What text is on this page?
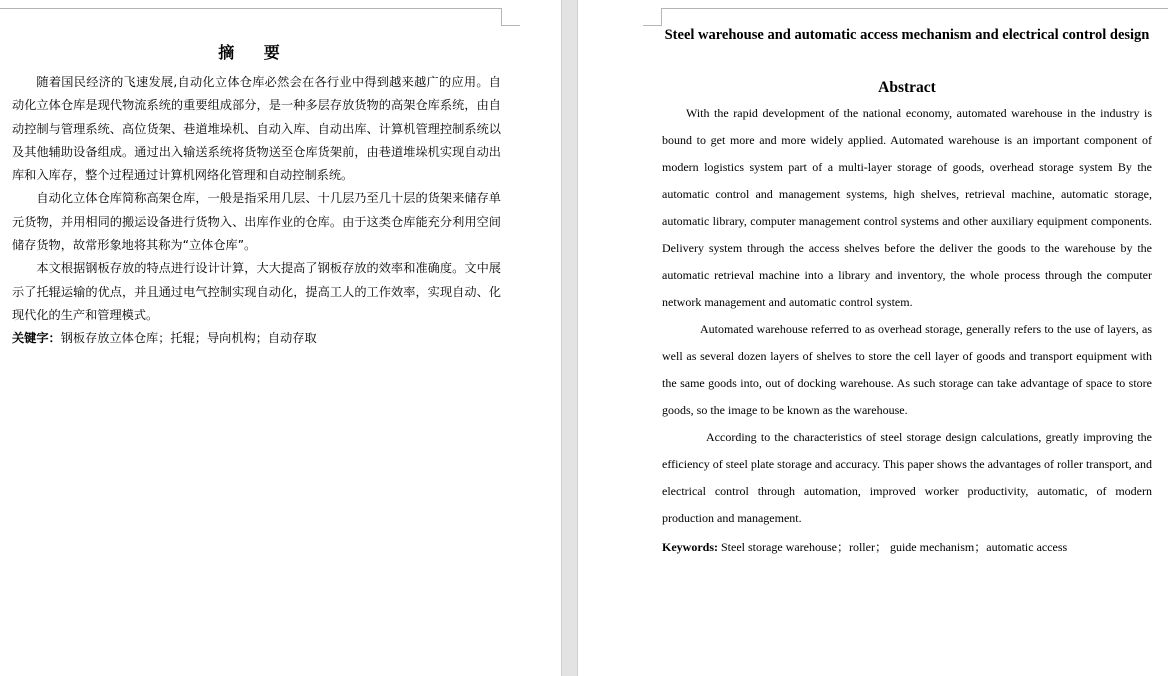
摘 要

随着国民经济的飞速发展,自动化立体仓库必然会在各行业中得到越来越广的应用。自动化立体仓库是现代物流系统的重要组成部分，是一种多层存放货物的高架仓库系统，由自动控制与管理系统、高位货架、巷道堆垛机、自动入库、自动出库、计算机管理控制系统以及其他辅助设备组成。通过出入输送系统将货物送至仓库货架前，由巷道堆垛机实现自动出库和入库存，整个过程通过计算机网络化管理和自动控制系统。

自动化立体仓库简称高架仓库，一般是指采用几层、十几层乃至几十层的货架来储存单元货物，并用相同的搬运设备进行货物入、出库作业的仓库。由于这类仓库能充分利用空间储存货物，故常形象地将其称为“立体仓库”。

本文根据钢板存放的特点进行设计计算，大大提高了钢板存放的效率和准确度。文中展示了托辊运输的优点，并且通过电气控制实现自动化，提高工人的工作效率，实现自动、化现代化的生产和管理模式。

关键字：钢板存放立体仓库；托辊；导向机构；自动存取

Steel warehouse and automatic access mechanism and electrical control design
Abstract

With the rapid development of the national economy, automated warehouse in the industry is bound to get more and more widely applied. Automated warehouse is an important component of modern logistics system part of a multi-layer storage of goods, overhead storage system By the automatic control and management systems, high shelves, retrieval machine, automatic storage, automatic library, computer management control systems and other auxiliary equipment components. Delivery system through the access shelves before the deliver the goods to the warehouse by the automatic retrieval machine into a library and inventory, the whole process through the computer network management and automatic control system.

Automated warehouse referred to as overhead storage, generally refers to the use of layers, as well as several dozen layers of shelves to store the cell layer of goods and transport equipment with the same goods into, out of docking warehouse. As such storage can take advantage of space to store goods, so the image to be known as the warehouse.

According to the characteristics of steel storage design calculations, greatly improving the efficiency of steel plate storage and accuracy. This paper shows the advantages of roller transport, and electrical control through automation, improved worker productivity, automatic, of modern production and management.

Keywords: Steel storage warehouse；roller； guide mechanism；automatic access
